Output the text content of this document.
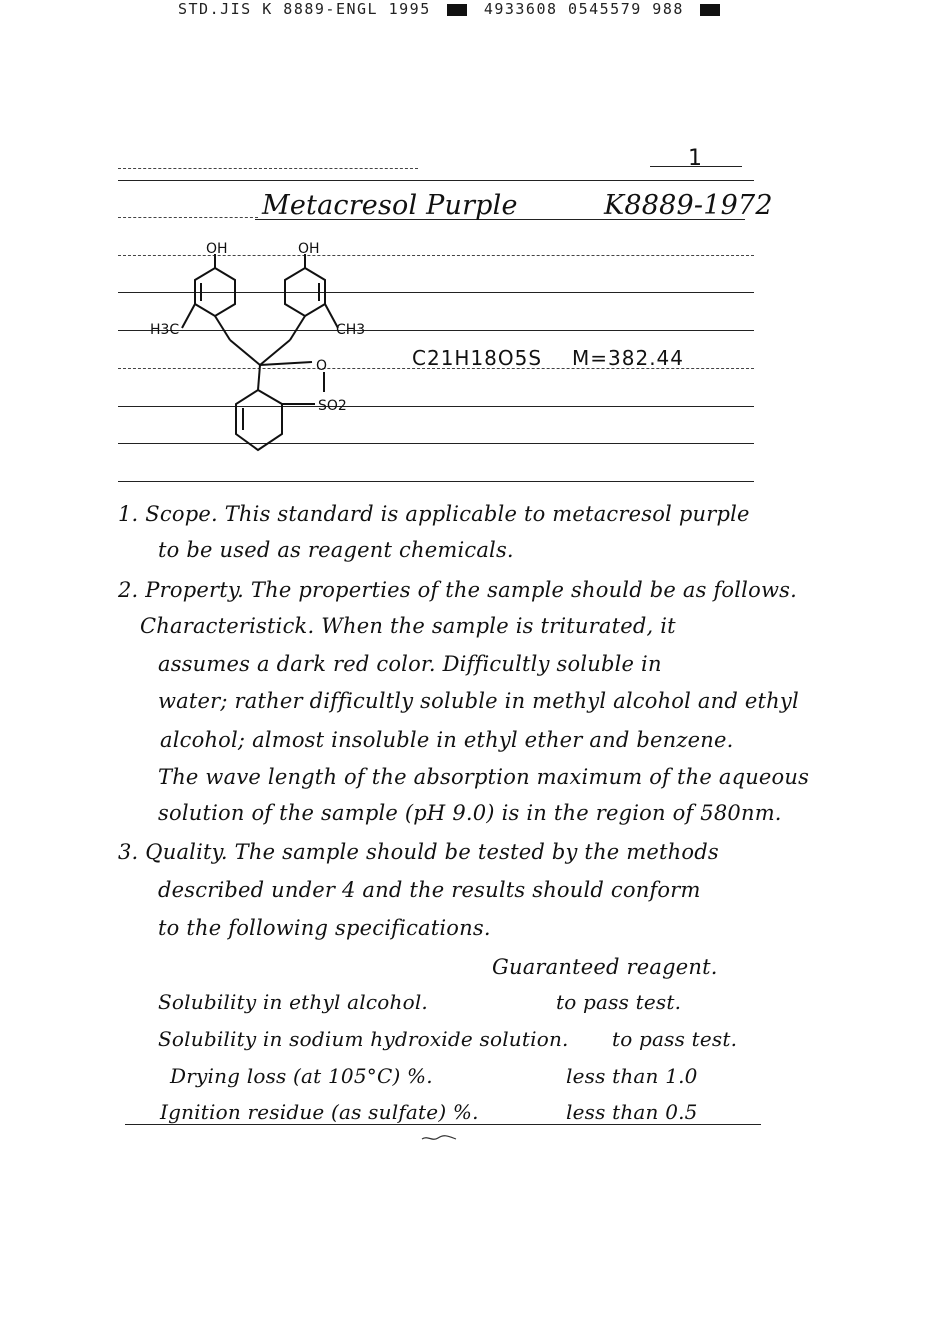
STD.JIS K 8889-ENGL 1995	4933608 0545579 988
1
Metacresol Purple	K8889-1972
OH	OH
H3C	CH3
O
SO2
C21H18O5S M=382.44
1. Scope. This standard is applicable to metacresol purple
to be used as reagent chemicals.
2. Property. The properties of the sample should be as follows.
Characteristick. When the sample is triturated, it
assumes a dark red color. Difficultly soluble in
water; rather difficultly soluble in methyl alcohol and ethyl
alcohol; almost insoluble in ethyl ether and benzene.
The wave length of the absorption maximum of the aqueous
solution of the sample (pH 9.0) is in the region of 580nm.
3. Quality. The sample should be tested by the methods
described under 4 and the results should conform
to the following specifications.
Guaranteed reagent.
Solubility in ethyl alcohol.	to pass test.
Solubility in sodium hydroxide solution. to pass test.
Drying loss (at 105°C) %.	less than 1.0
Ignition residue (as sulfate) %.	less than 0.5
